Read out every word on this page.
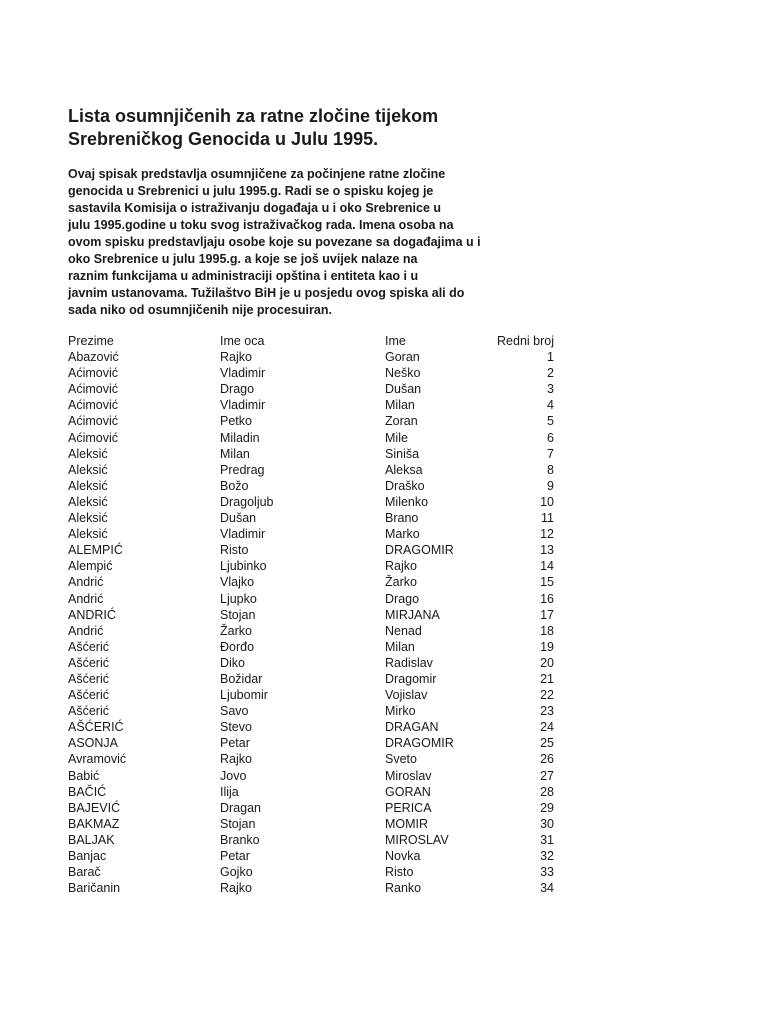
Lista osumnjičenih za ratne zločine tijekom
Srebreničkog Genocida u Julu 1995.
Ovaj spisak predstavlja osumnjičene za počinjene ratne zločine
genocida u Srebrenici u julu 1995.g. Radi se o spisku kojeg je
sastavila Komisija o istraživanju događaja u i oko Srebrenice u
julu 1995.godine u toku svog istraživačkog rada. Imena osoba na
ovom spisku predstavljaju osobe koje su povezane sa događajima u i
oko Srebrenice u julu 1995.g. a koje se još uvijek nalaze na
raznim funkcijama u administraciji opština i entiteta kao i u
javnim ustanovama. Tužilaštvo BiH je u posjedu ovog spiska ali do
sada niko od osumnjičenih nije procesuiran.
Prezime	Ime oca	Ime	Redni broj
Abazović	Rajko	Goran	1
Aćimović	Vladimir	Neško	2
Aćimović	Drago	Dušan	3
Aćimović	Vladimir	Milan	4
Aćimović	Petko	Zoran	5
Aćimović	Miladin	Mile	6
Aleksić	Milan	Siniša	7
Aleksić	Predrag	Aleksa	8
Aleksić	Božo	Draško	9
Aleksić	Dragoljub	Milenko	10
Aleksić	Dušan	Brano	11
Aleksić	Vladimir	Marko	12
ALEMPIĆ	Risto	DRAGOMIR	13
Alempić	Ljubinko	Rajko	14
Andrić	Vlajko	Žarko	15
Andrić	Ljupko	Drago	16
ANDRIĆ	Stojan	MIRJANA	17
Andrić	Žarko	Nenad	18
Ašćerić	Đorđo	Milan	19
Ašćerić	Diko	Radislav	20
Ašćerić	Božidar	Dragomir	21
Ašćerić	Ljubomir	Vojislav	22
Ašćerić	Savo	Mirko	23
AŠĆERIĆ	Stevo	DRAGAN	24
ASONJA	Petar	DRAGOMIR	25
Avramović	Rajko	Sveto	26
Babić	Jovo	Miroslav	27
BAČIĆ	Ilija	GORAN	28
BAJEVIĆ	Dragan	PERICA	29
BAKMAZ	Stojan	MOMIR	30
BALJAK	Branko	MIROSLAV	31
Banjac	Petar	Novka	32
Barač	Gojko	Risto	33
Baričanin	Rajko	Ranko	34
